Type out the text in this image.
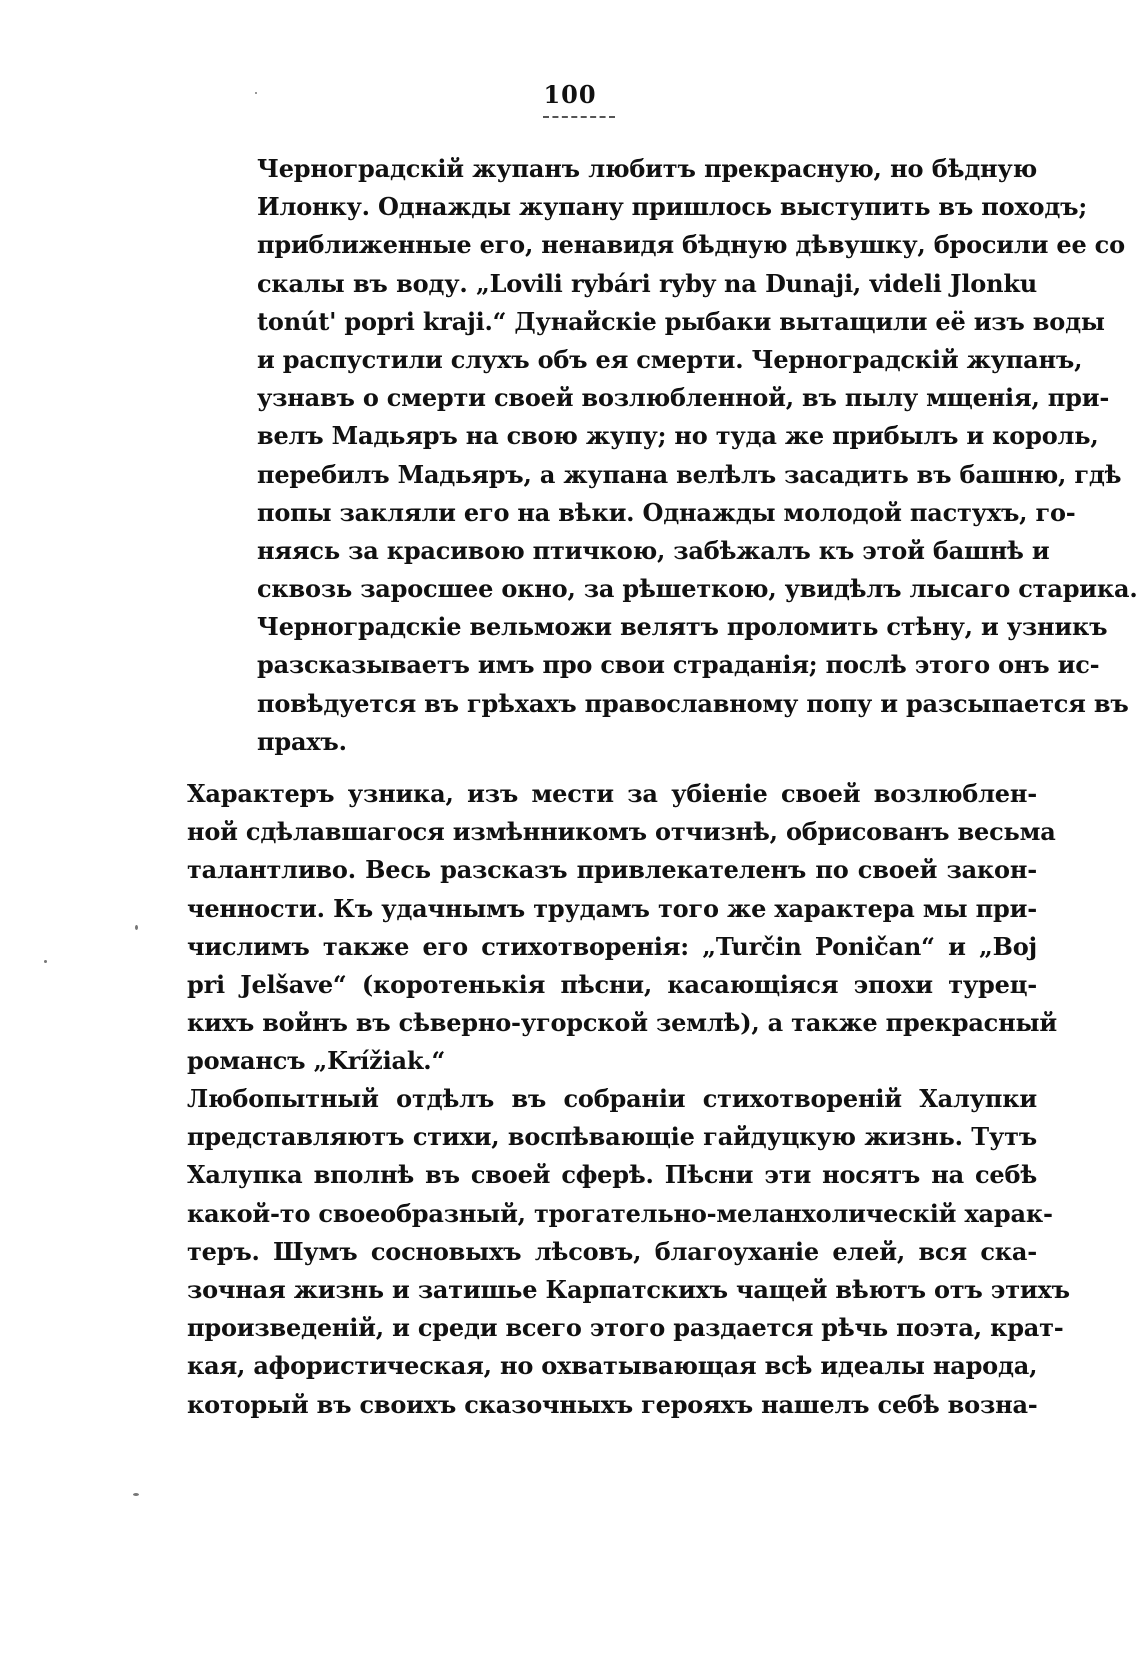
100
Черноградскій жупанъ любитъ прекрасную, но бѣдную
Илонку. Однажды жупану пришлось выступить въ походъ;
приближенные его, ненавидя бѣдную дѣвушку, бросили ее со
скалы въ воду. „Lovili rybári ryby na Dunaji, videli Jlonku
tonút' poprі krajі.“ Дунайскіе рыбаки вытащили её изъ воды
и распустили слухъ объ ея смерти. Черноградскій жупанъ,
узнавъ о смерти своей возлюбленной, въ пылу мщенія, при-
велъ Мадьяръ на свою жупу; но туда же прибылъ и король,
перебилъ Мадьяръ, а жупана велѣлъ засадить въ башню, гдѣ
попы закляли его на вѣки. Однажды молодой пастухъ, го-
няясь за красивою птичкою, забѣжалъ къ этой башнѣ и
сквозь заросшее окно, за рѣшеткою, увидѣлъ лысаго старика.
Черноградскіе вельможи велятъ проломить стѣну, и узникъ
разсказываетъ имъ про свои страданія; послѣ этого онъ ис-
повѣдуется въ грѣхахъ православному попу и разсыпается въ
прахъ.
Характеръ узника, изъ мести за убіеніе своей возлюблен-
ной сдѣлавшагося измѣнникомъ отчизнѣ, обрисованъ весьма
талантливо. Весь разсказъ привлекателенъ по своей закон-
ченности. Къ удачнымъ трудамъ того же характера мы при-
числимъ также его стихотворенія: „Turčin Poničan“ и „Boj
pri Jelšave“ (коротенькія пѣсни, касающіяся эпохи турец-
кихъ войнъ въ сѣверно-угорской землѣ), а также прекрасный
романсъ „Krížiak.“
Любопытный отдѣлъ въ собраніи стихотвореній Халупки
представляютъ стихи, воспѣвающіе гайдуцкую жизнь. Тутъ
Халупка вполнѣ въ своей сферѣ. Пѣсни эти носятъ на себѣ
какой-то своеобразный, трогательно-меланхолическій харак-
теръ. Шумъ сосновыхъ лѣсовъ, благоуханіе елей, вся ска-
зочная жизнь и затишье Карпатскихъ чащей вѣютъ отъ этихъ
произведеній, и среди всего этого раздается рѣчь поэта, крат-
кая, афористическая, но охватывающая всѣ идеалы народа,
который въ своихъ сказочныхъ герояхъ нашелъ себѣ возна-
